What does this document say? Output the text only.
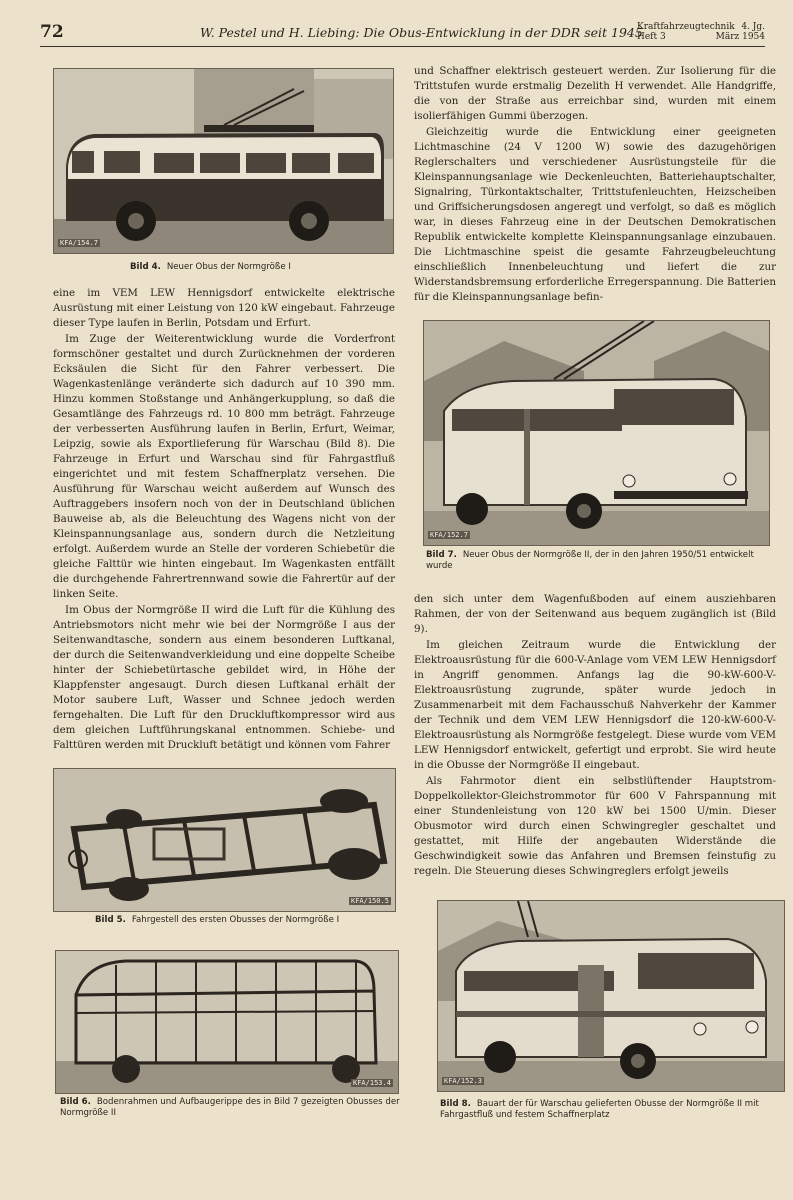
72	W. Pestel und H. Liebing: Die Obus-Entwicklung in der DDR seit 1945
Kraftfahrzeugtechnik 4. Jg.
Heft 3	März 1954
KFA/154.7
Bild 4. Neuer Obus der Normgröße I

eine im VEM LEW Hennigsdorf entwickelte elektrische Ausrüstung mit einer Leistung von 120 kW eingebaut. Fahrzeuge dieser Type laufen in Berlin, Potsdam und Erfurt.

Im Zuge der Weiterentwicklung wurde die Vorderfront formschöner gestaltet und durch Zurücknehmen der vorderen Ecksäulen die Sicht für den Fahrer verbessert. Die Wagenkastenlänge veränderte sich dadurch auf 10 390 mm. Hinzu kommen Stoßstange und Anhängerkupplung, so daß die Gesamtlänge des Fahrzeugs rd. 10 800 mm beträgt. Fahrzeuge der verbesserten Ausführung laufen in Berlin, Erfurt, Weimar, Leipzig, sowie als Exportlieferung für Warschau (Bild 8). Die Fahrzeuge in Erfurt und Warschau sind für Fahrgastfluß eingerichtet und mit festem Schaffnerplatz versehen. Die Ausführung für Warschau weicht außerdem auf Wunsch des Auftraggebers insofern noch von der in Deutschland üblichen Bauweise ab, als die Beleuchtung des Wagens nicht von der Kleinspannungsanlage aus, sondern durch die Netzleitung erfolgt. Außerdem wurde an Stelle der vorderen Schiebetür die gleiche Falttür wie hinten eingebaut. Im Wagenkasten entfällt die durchgehende Fahrertrennwand sowie die Fahrertür auf der linken Seite.

Im Obus der Normgröße II wird die Luft für die Kühlung des Antriebsmotors nicht mehr wie bei der Normgröße I aus der Seitenwandtasche, sondern aus einem besonderen Luftkanal, der durch die Seitenwandverkleidung und eine doppelte Scheibe hinter der Schiebetürtasche gebildet wird, in Höhe der Klappfenster angesaugt. Durch diesen Luftkanal erhält der Motor saubere Luft, Wasser und Schnee jedoch werden ferngehalten. Die Luft für den Druckluftkompressor wird aus dem gleichen Luftführungskanal entnommen. Schiebe- und Falttüren werden mit Druckluft betätigt und können vom Fahrer

KFA/150.5
Bild 5. Fahrgestell des ersten Obusses der Normgröße I
KFA/153.4
Bild 6. Bodenrahmen und Aufbaugerippe des in Bild 7 gezeigten Obusses der Normgröße II

und Schaffner elektrisch gesteuert werden. Zur Isolierung für die Trittstufen wurde erstmalig Dezelith H verwendet. Alle Handgriffe, die von der Straße aus erreichbar sind, wurden mit einem isolierfähigen Gummi überzogen.

Gleichzeitig wurde die Entwicklung einer geeigneten Lichtmaschine (24 V 1200 W) sowie des dazugehörigen Reglerschalters und verschiedener Ausrüstungsteile für die Kleinspannungsanlage wie Deckenleuchten, Batteriehauptschalter, Signalring, Türkontaktschalter, Trittstufenleuchten, Heizscheiben und Griffsicherungsdosen angeregt und verfolgt, so daß es möglich war, in dieses Fahrzeug eine in der Deutschen Demokratischen Republik entwickelte komplette Kleinspannungsanlage einzubauen. Die Lichtmaschine speist die gesamte Fahrzeugbeleuchtung einschließlich Innenbeleuchtung und liefert die zur Widerstandsbremsung erforderliche Erregerspannung. Die Batterien für die Kleinspannungsanlage befin-

KFA/152.7
Bild 7. Neuer Obus der Normgröße II, der in den Jahren 1950/51 entwickelt wurde

den sich unter dem Wagenfußboden auf einem ausziehbaren Rahmen, der von der Seitenwand aus bequem zugänglich ist (Bild 9).

Im gleichen Zeitraum wurde die Entwicklung der Elektroausrüstung für die 600-V-Anlage vom VEM LEW Hennigsdorf in Angriff genommen. Anfangs lag die 90-kW-600-V-Elektroausrüstung zugrunde, später wurde jedoch in Zusammenarbeit mit dem Fachausschuß Nahverkehr der Kammer der Technik und dem VEM LEW Hennigsdorf die 120-kW-600-V-Elektroausrüstung als Normgröße festgelegt. Diese wurde vom VEM LEW Hennigsdorf entwickelt, gefertigt und erprobt. Sie wird heute in die Obusse der Normgröße II eingebaut.

Als Fahrmotor dient ein selbstlüftender Hauptstrom-Doppelkollektor-Gleichstrommotor für 600 V Fahrspannung mit einer Stundenleistung von 120 kW bei 1500 U/min. Dieser Obusmotor wird durch einen Schwingregler geschaltet und gestattet, mit Hilfe der angebauten Widerstände die Geschwindigkeit sowie das Anfahren und Bremsen feinstufig zu regeln. Die Steuerung dieses Schwingreglers erfolgt jeweils

KFA/152.3
Bild 8. Bauart der für Warschau gelieferten Obusse der Normgröße II mit Fahrgastfluß und festem Schaffnerplatz
